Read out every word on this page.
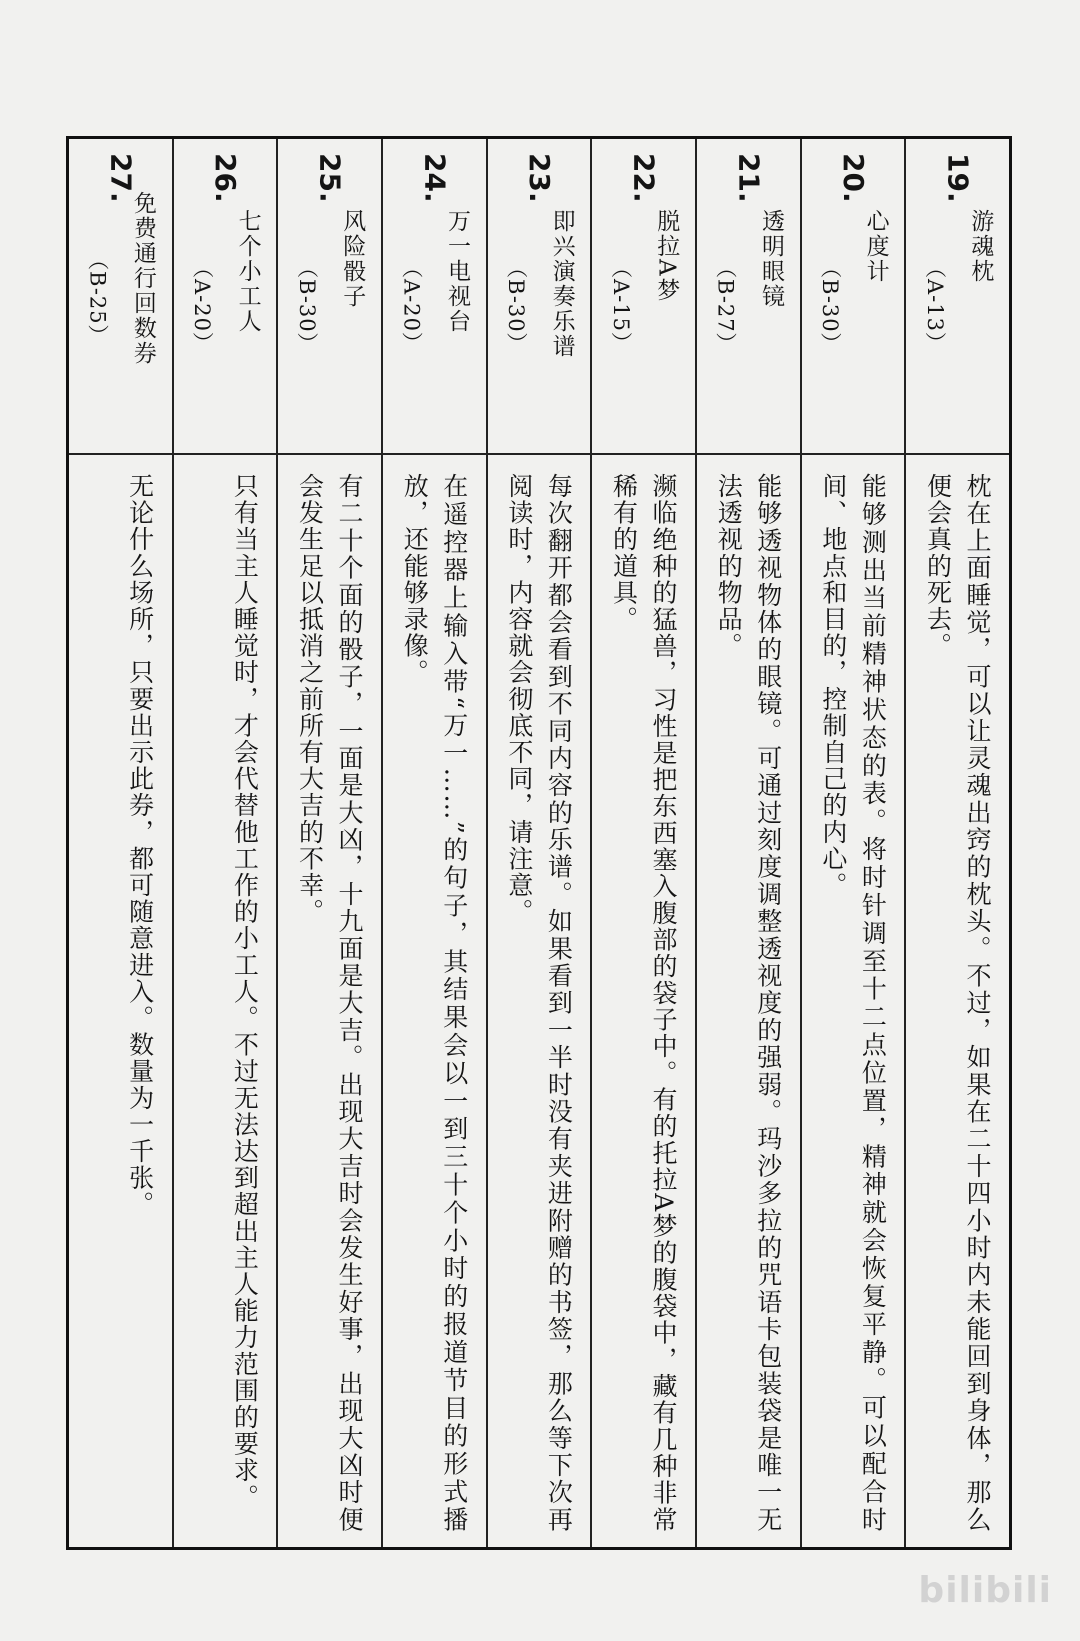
27.
免费通行回数券
（B-25）
无论什么场所，只要出示此券，都可随意进入。数量为一千张。
26.
七个小工人
（A-20）
只有当主人睡觉时，才会代替他工作的小工人。不过无法达到超出主人能力范围的要求。
25.
风险骰子
（B-30）
有二十个面的骰子，一面是大凶，十九面是大吉。出现大吉时会发生好事，出现大凶时便会发生足以抵消之前所有大吉的不幸。
24.
万一电视台
（A-20）
在遥控器上输入带“万一……”的句子，其结果会以一到三十个小时的报道节目的形式播放，还能够录像。
23.
即兴演奏乐谱
（B-30）
每次翻开都会看到不同内容的乐谱。如果看到一半时没有夹进附赠的书签，那么等下次再阅读时，内容就会彻底不同，请注意。
22.
脱拉A梦
（A-15）
濒临绝种的猛兽，习性是把东西塞入腹部的袋子中。有的托拉A梦的腹袋中，藏有几种非常稀有的道具。
21.
透明眼镜
（B-27）
能够透视物体的眼镜。可通过刻度调整透视度的强弱。玛沙多拉的咒语卡包装袋是唯一无法透视的物品。
20.
心度计
（B-30）
能够测出当前精神状态的表。将时针调至十二点位置，精神就会恢复平静。可以配合时间、地点和目的，控制自己的内心。
19.
游魂枕
（A-13）
枕在上面睡觉，可以让灵魂出窍的枕头。不过，如果在二十四小时内未能回到身体，那么便会真的死去。
bilibili
